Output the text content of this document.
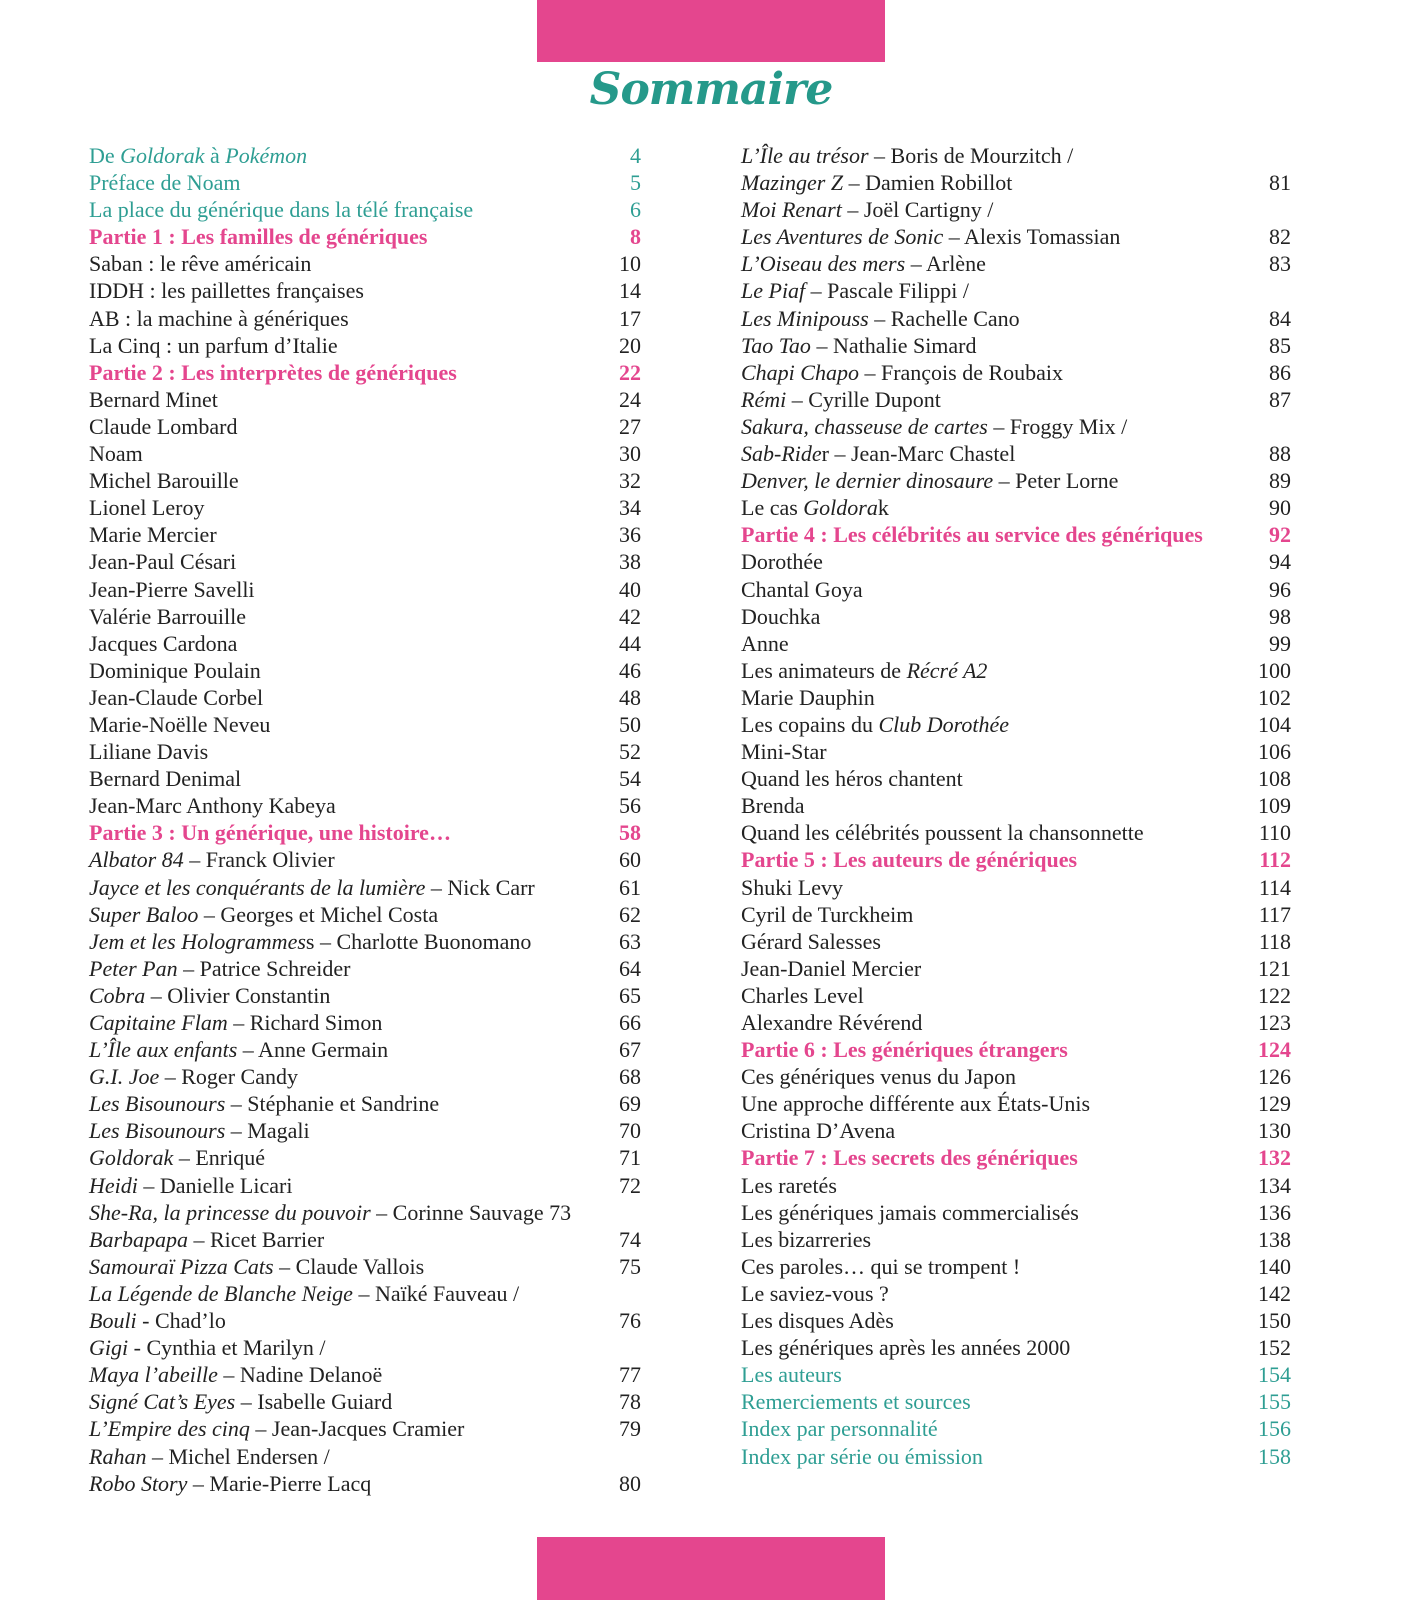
Sommaire
De Goldorak à Pokémon	4
Préface de Noam	5
La place du générique dans la télé française	6
Partie 1 : Les familles de génériques	8
Saban : le rêve américain	10
IDDH : les paillettes françaises	14
AB : la machine à génériques	17
La Cinq : un parfum d’Italie	20
Partie 2 : Les interprètes de génériques	22
Bernard Minet	24
Claude Lombard	27
Noam	30
Michel Barouille	32
Lionel Leroy	34
Marie Mercier	36
Jean-Paul Césari	38
Jean-Pierre Savelli	40
Valérie Barrouille	42
Jacques Cardona	44
Dominique Poulain	46
Jean-Claude Corbel	48
Marie-Noëlle Neveu	50
Liliane Davis	52
Bernard Denimal	54
Jean-Marc Anthony Kabeya	56
Partie 3 : Un générique, une histoire…	58
Albator 84 – Franck Olivier	60
Jayce et les conquérants de la lumière – Nick Carr	61
Super Baloo – Georges et Michel Costa	62
Jem et les Hologrammess – Charlotte Buonomano	63
Peter Pan – Patrice Schreider	64
Cobra – Olivier Constantin	65
Capitaine Flam – Richard Simon	66
L’Île aux enfants – Anne Germain	67
G.I. Joe – Roger Candy	68
Les Bisounours – Stéphanie et Sandrine	69
Les Bisounours – Magali	70
Goldorak – Enriqué	71
Heidi – Danielle Licari	72
She-Ra, la princesse du pouvoir – Corinne Sauvage 73
Barbapapa – Ricet Barrier	74
Samouraï Pizza Cats – Claude Vallois	75
La Légende de Blanche Neige – Naïké Fauveau /
Bouli - Chad’lo	76
Gigi - Cynthia et Marilyn /
Maya l’abeille – Nadine Delanoë	77
Signé Cat’s Eyes – Isabelle Guiard	78
L’Empire des cinq – Jean-Jacques Cramier	79
Rahan – Michel Endersen /
Robo Story – Marie-Pierre Lacq	80
L’Île au trésor – Boris de Mourzitch /
Mazinger Z – Damien Robillot	81
Moi Renart – Joël Cartigny /
Les Aventures de Sonic – Alexis Tomassian	82
L’Oiseau des mers – Arlène	83
Le Piaf – Pascale Filippi /
Les Minipouss – Rachelle Cano	84
Tao Tao – Nathalie Simard	85
Chapi Chapo – François de Roubaix	86
Rémi – Cyrille Dupont	87
Sakura, chasseuse de cartes – Froggy Mix /
Sab-Rider – Jean-Marc Chastel	88
Denver, le dernier dinosaure – Peter Lorne	89
Le cas Goldorak	90
Partie 4 : Les célébrités au service des génériques	92
Dorothée	94
Chantal Goya	96
Douchka	98
Anne	99
Les animateurs de Récré A2	100
Marie Dauphin	102
Les copains du Club Dorothée	104
Mini-Star	106
Quand les héros chantent	108
Brenda	109
Quand les célébrités poussent la chansonnette	110
Partie 5 : Les auteurs de génériques	112
Shuki Levy	114
Cyril de Turckheim	117
Gérard Salesses	118
Jean-Daniel Mercier	121
Charles Level	122
Alexandre Révérend	123
Partie 6 : Les génériques étrangers	124
Ces génériques venus du Japon	126
Une approche différente aux États-Unis	129
Cristina D’Avena	130
Partie 7 : Les secrets des génériques	132
Les raretés	134
Les génériques jamais commercialisés	136
Les bizarreries	138
Ces paroles… qui se trompent !	140
Le saviez-vous ?	142
Les disques Adès	150
Les génériques après les années 2000	152
Les auteurs	154
Remerciements et sources	155
Index par personnalité	156
Index par série ou émission	158
